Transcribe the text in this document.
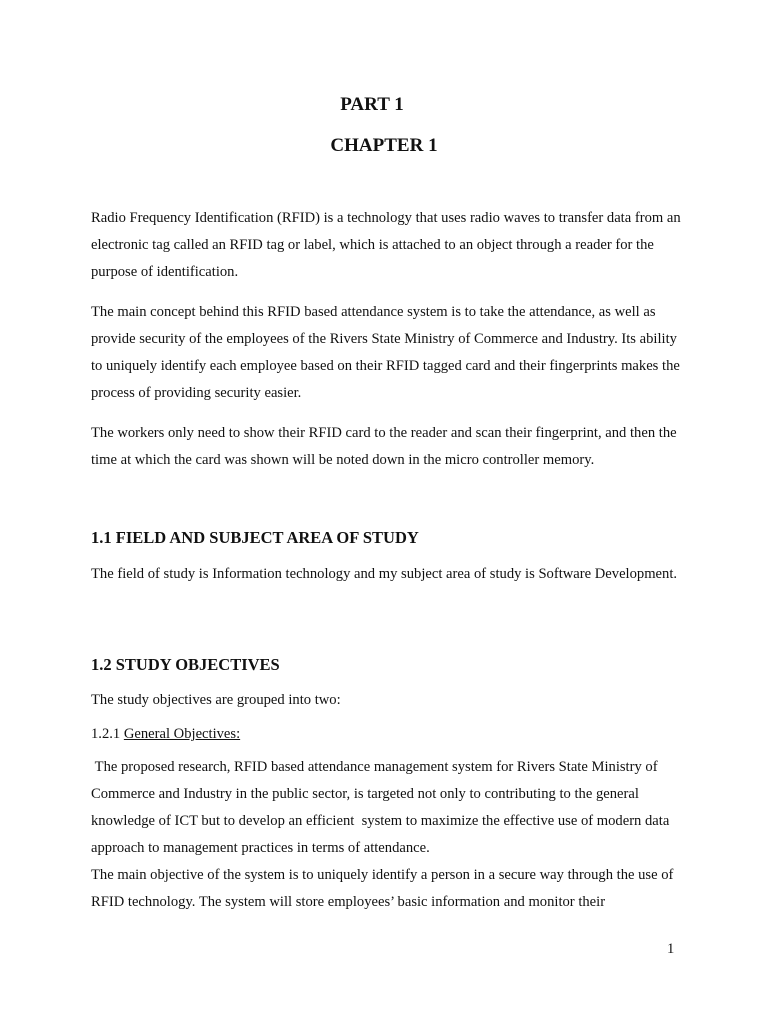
PART 1
CHAPTER 1

Radio Frequency Identification (RFID) is a technology that uses radio waves to transfer data from an electronic tag called an RFID tag or label, which is attached to an object through a reader for the purpose of identification.

The main concept behind this RFID based attendance system is to take the attendance, as well as provide security of the employees of the Rivers State Ministry of Commerce and Industry. Its ability to uniquely identify each employee based on their RFID tagged card and their fingerprints makes the process of providing security easier.

The workers only need to show their RFID card to the reader and scan their fingerprint, and then the time at which the card was shown will be noted down in the micro controller memory.

1.1 FIELD AND SUBJECT AREA OF STUDY

The field of study is Information technology and my subject area of study is Software Development.

1.2 STUDY OBJECTIVES

The study objectives are grouped into two:

1.2.1 General Objectives:

The proposed research, RFID based attendance management system for Rivers State Ministry of Commerce and Industry in the public sector, is targeted not only to contributing to the general knowledge of ICT but to develop an efficient  system to maximize the effective use of modern data approach to management practices in terms of attendance.

The main objective of the system is to uniquely identify a person in a secure way through the use of RFID technology. The system will store employees’ basic information and monitor their

1
